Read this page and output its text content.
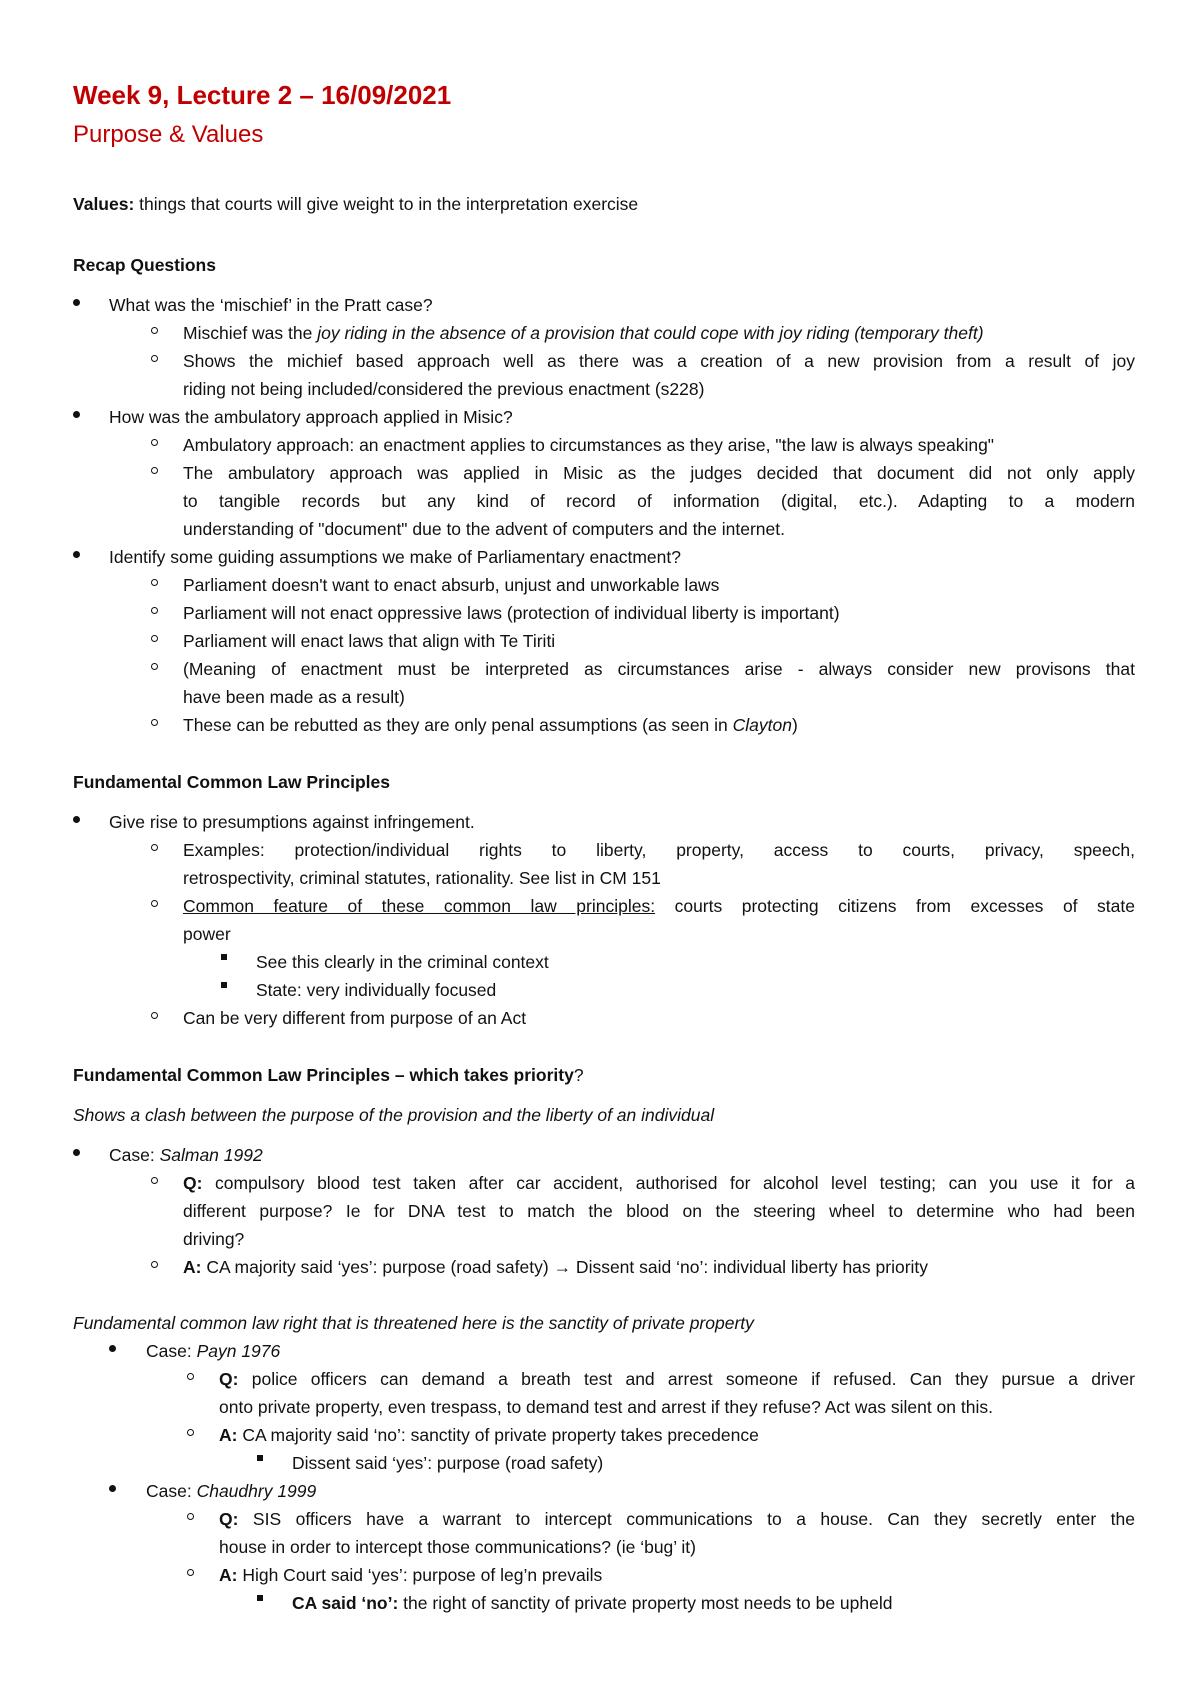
Week 9, Lecture 2 – 16/09/2021
Purpose & Values
Values: things that courts will give weight to in the interpretation exercise
Recap Questions
What was the ‘mischief’ in the Pratt case?
Mischief was the joy riding in the absence of a provision that could cope with joy riding (temporary theft)
Shows the michief based approach well as there was a creation of a new provision from a result of joy
riding not being included/considered the previous enactment (s228)
How was the ambulatory approach applied in Misic?
Ambulatory approach: an enactment applies to circumstances as they arise, "the law is always speaking"
The ambulatory approach was applied in Misic as the judges decided that document did not only apply
to tangible records but any kind of record of information (digital, etc.). Adapting to a modern
understanding of "document" due to the advent of computers and the internet.
Identify some guiding assumptions we make of Parliamentary enactment?
Parliament doesn't want to enact absurb, unjust and unworkable laws
Parliament will not enact oppressive laws (protection of individual liberty is important)
Parliament will enact laws that align with Te Tiriti
(Meaning of enactment must be interpreted as circumstances arise - always consider new provisons that
have been made as a result)
These can be rebutted as they are only penal assumptions (as seen in Clayton)
Fundamental Common Law Principles
Give rise to presumptions against infringement.
Examples: protection/individual rights to liberty, property, access to courts, privacy, speech,
retrospectivity, criminal statutes, rationality. See list in CM 151
Common feature of these common law principles: courts protecting citizens from excesses of state
power
See this clearly in the criminal context
State: very individually focused
Can be very different from purpose of an Act
Fundamental Common Law Principles – which takes priority?
Shows a clash between the purpose of the provision and the liberty of an individual
Case: Salman 1992
Q: compulsory blood test taken after car accident, authorised for alcohol level testing; can you use it for a
different purpose? Ie for DNA test to match the blood on the steering wheel to determine who had been
driving?
A: CA majority said ‘yes’: purpose (road safety) → Dissent said ‘no’: individual liberty has priority
Fundamental common law right that is threatened here is the sanctity of private property
Case: Payn 1976
Q: police officers can demand a breath test and arrest someone if refused. Can they pursue a driver
onto private property, even trespass, to demand test and arrest if they refuse? Act was silent on this.
A: CA majority said ‘no’: sanctity of private property takes precedence
Dissent said ‘yes’: purpose (road safety)
Case: Chaudhry 1999
Q: SIS officers have a warrant to intercept communications to a house. Can they secretly enter the
house in order to intercept those communications? (ie ‘bug’ it)
A: High Court said ‘yes’: purpose of leg’n prevails
CA said ‘no’: the right of sanctity of private property most needs to be upheld
